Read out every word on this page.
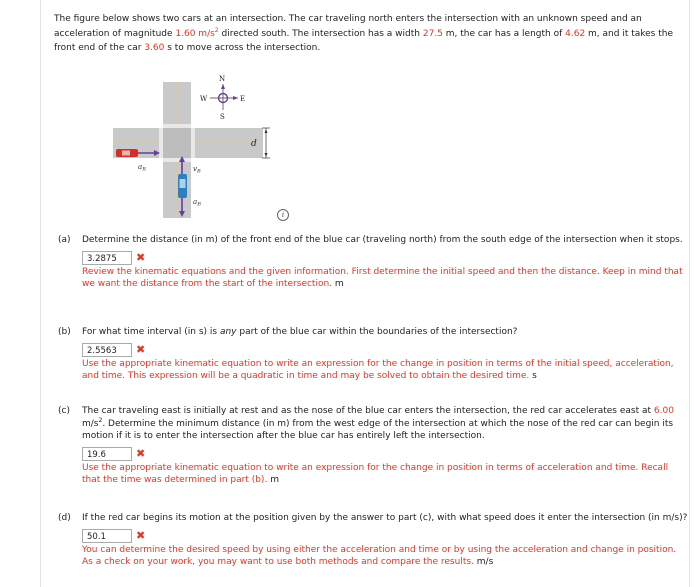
The figure below shows two cars at an intersection. The car traveling north enters the intersection with an unknown speed and an acceleration of magnitude 1.60 $m/s^2$ directed south. The intersection has a width 27.5 m, the car has a length of 4.62 m, and it takes the front end of the car 3.60 s to move across the intersection.
d
N
S
W	E
$a_R$	$v_B$
$a_B$
i
(a) Determine the distance (in m) of the front end of the blue car (traveling north) from the south edge of the intersection when it stops.
3.2875	✖
Review the kinematic equations and the given information. First determine the initial speed and then the distance. Keep in mind that we want the distance from the start of the intersection. m
(b) For what time interval (in s) is any part of the blue car within the boundaries of the intersection?
2.5563	✖
Use the appropriate kinematic equation to write an expression for the change in position in terms of the initial speed, acceleration, and time. This expression will be a quadratic in time and may be solved to obtain the desired time. s
(c) The car traveling east is initially at rest and as the nose of the blue car enters the intersection, the red car accelerates east at 6.00 $m/s^2$. Determine the minimum distance (in m) from the west edge of the intersection at which the nose of the red car can begin its motion if it is to enter the intersection after the blue car has entirely left the intersection.
19.6	✖
Use the appropriate kinematic equation to write an expression for the change in position in terms of acceleration and time. Recall that the time was determined in part (b). m
(d) If the red car begins its motion at the position given by the answer to part (c), with what speed does it enter the intersection (in m/s)?
50.1	✖
You can determine the desired speed by using either the acceleration and time or by using the acceleration and change in position. As a check on your work, you may want to use both methods and compare the results. m/s
